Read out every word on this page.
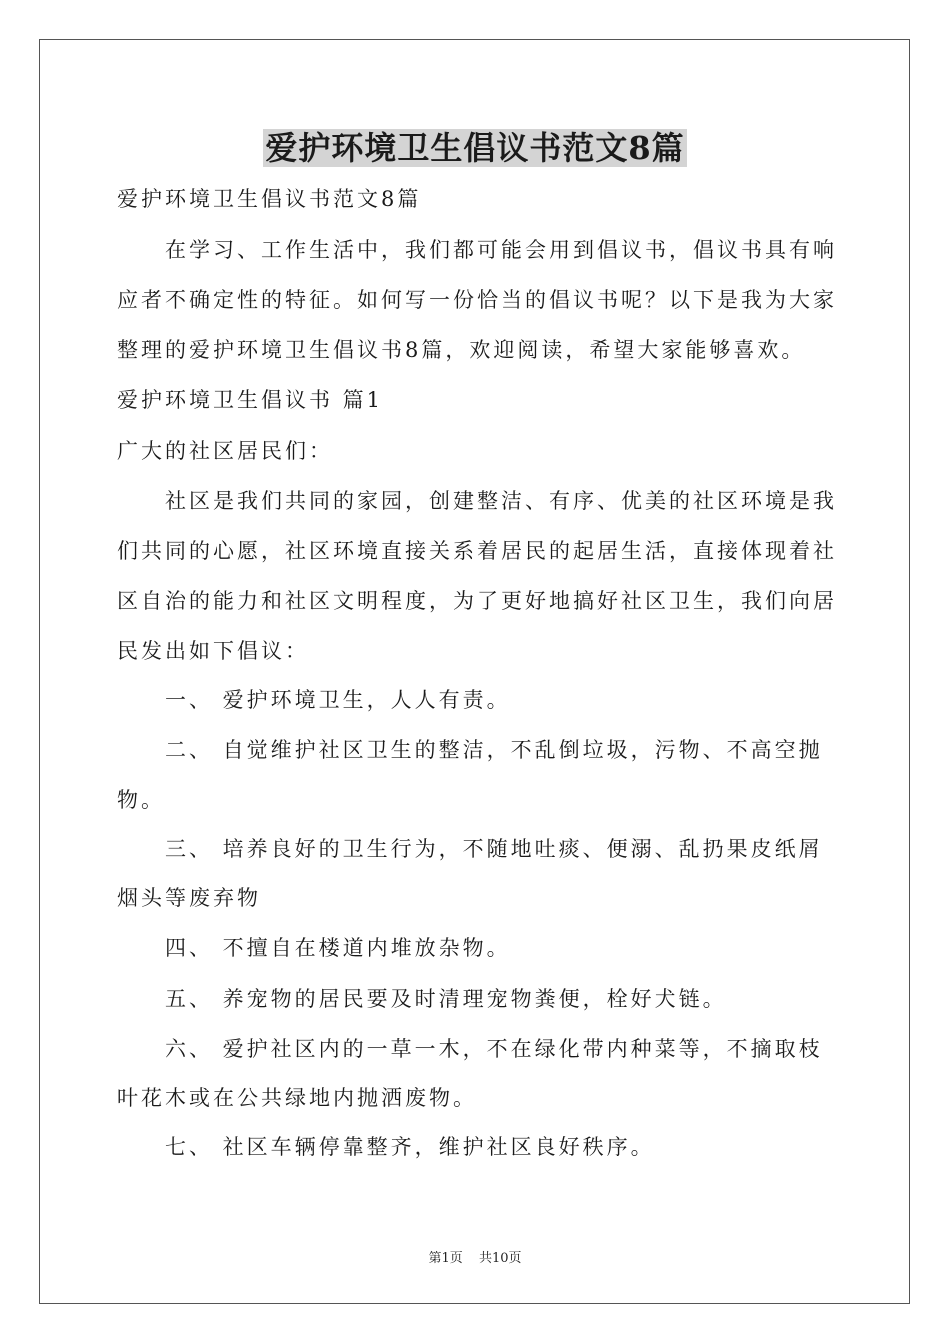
爱护环境卫生倡议书范文8篇
爱护环境卫生倡议书范文8篇
在学习、工作生活中，我们都可能会用到倡议书，倡议书具有响
应者不确定性的特征。如何写一份恰当的倡议书呢？以下是我为大家
整理的爱护环境卫生倡议书8篇，欢迎阅读，希望大家能够喜欢。
爱护环境卫生倡议书 篇1
广大的社区居民们：
社区是我们共同的家园，创建整洁、有序、优美的社区环境是我
们共同的心愿，社区环境直接关系着居民的起居生活，直接体现着社
区自治的能力和社区文明程度，为了更好地搞好社区卫生，我们向居
民发出如下倡议：
一、 爱护环境卫生，人人有责。
二、 自觉维护社区卫生的整洁，不乱倒垃圾，污物、不高空抛
物。
三、 培养良好的卫生行为，不随地吐痰、便溺、乱扔果皮纸屑
烟头等废弃物
四、 不擅自在楼道内堆放杂物。
五、 养宠物的居民要及时清理宠物粪便，栓好犬链。
六、 爱护社区内的一草一木，不在绿化带内种菜等，不摘取枝
叶花木或在公共绿地内抛洒废物。
七、 社区车辆停靠整齐，维护社区良好秩序。
第1页 共10页
